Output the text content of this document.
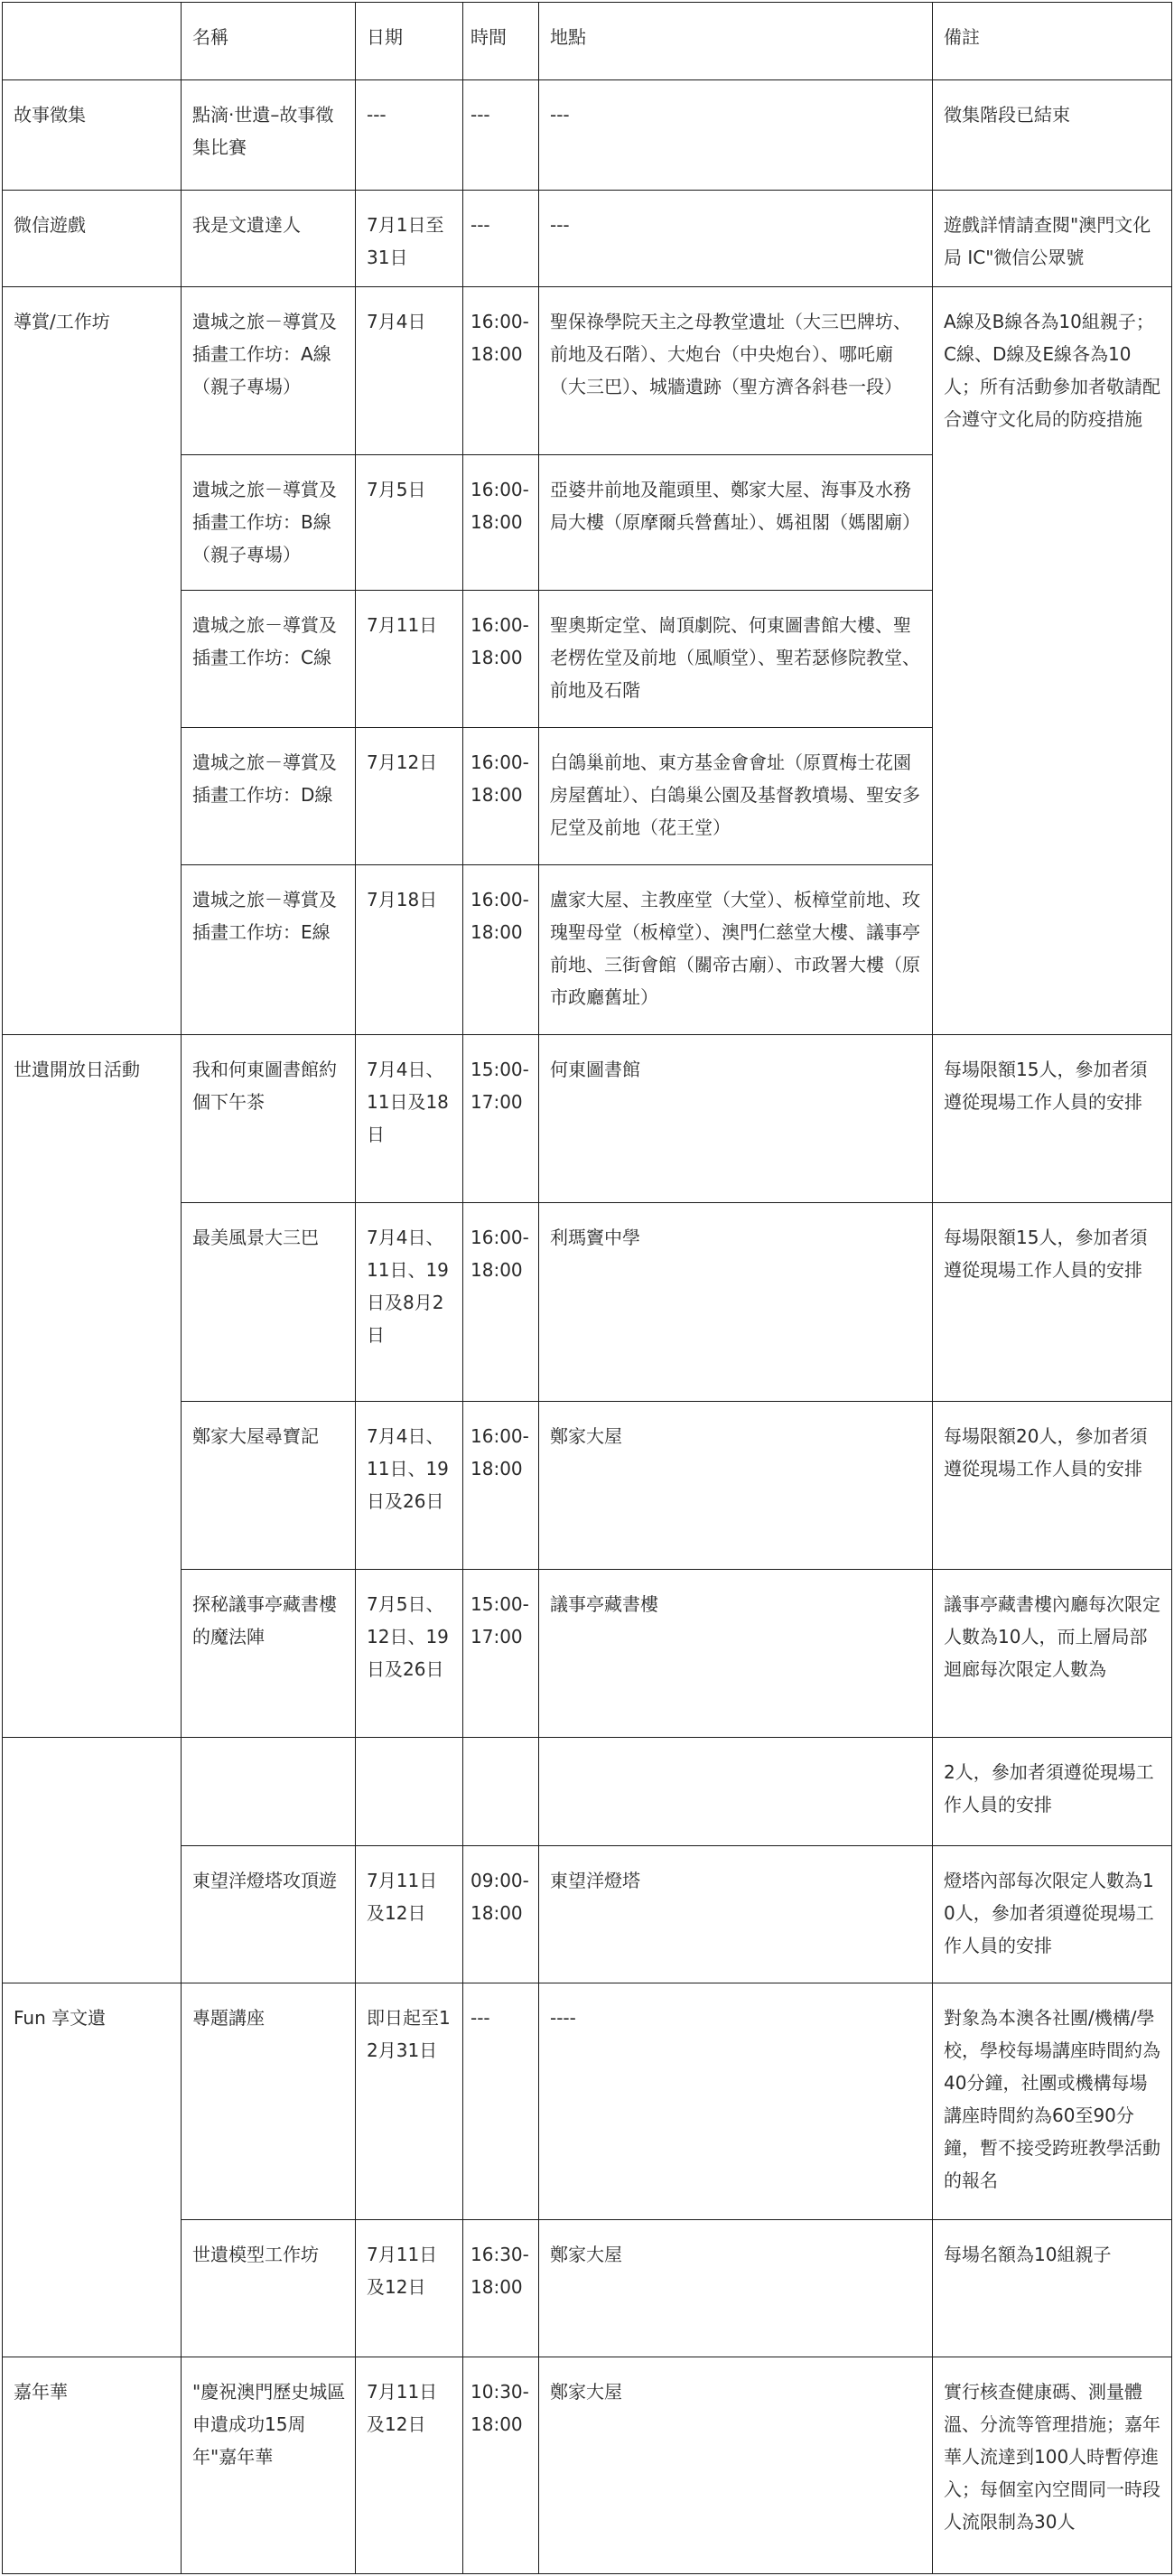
	名稱	日期	時間	地點	備註
故事徵集	點滴·世遺–故事徵集比賽	---	---	---	徵集階段已結束
微信遊戲	我是文遺達人	7月1日至31日	---	---	遊戲詳情請查閱"澳門文化局 IC"微信公眾號
導賞/工作坊	遺城之旅－導賞及插畫工作坊：A線（親子專場）	7月4日	16:00-18:00	聖保祿學院天主之母教堂遺址（大三巴牌坊、前地及石階）、大炮台（中央炮台）、哪吒廟（大三巴）、城牆遺跡（聖方濟各斜巷一段）	A線及B線各為10組親子；C線、D線及E線各為10人；所有活動參加者敬請配合遵守文化局的防疫措施
	遺城之旅－導賞及插畫工作坊：B線（親子專場）	7月5日	16:00-18:00	亞婆井前地及龍頭里、鄭家大屋、海事及水務局大樓（原摩爾兵營舊址）、媽祖閣（媽閣廟）	
	遺城之旅－導賞及插畫工作坊：C線	7月11日	16:00-18:00	聖奧斯定堂、崗頂劇院、何東圖書館大樓、聖老楞佐堂及前地（風順堂）、聖若瑟修院教堂、前地及石階	
	遺城之旅－導賞及插畫工作坊：D線	7月12日	16:00-18:00	白鴿巢前地、東方基金會會址（原賈梅士花園房屋舊址）、白鴿巢公園及基督教墳場、聖安多尼堂及前地（花王堂）	
	遺城之旅－導賞及插畫工作坊：E線	7月18日	16:00-18:00	盧家大屋、主教座堂（大堂）、板樟堂前地、玫瑰聖母堂（板樟堂）、澳門仁慈堂大樓、議事亭前地、三街會館（關帝古廟）、市政署大樓（原市政廳舊址）	
世遺開放日活動	我和何東圖書館約個下午茶	7月4日、11日及18日	15:00-17:00	何東圖書館	每場限額15人，參加者須遵從現場工作人員的安排
	最美風景大三巴	7月4日、11日、19日及8月2日	16:00-18:00	利瑪竇中學	每場限額15人，參加者須遵從現場工作人員的安排
	鄭家大屋尋寶記	7月4日、11日、19日及26日	16:00-18:00	鄭家大屋	每場限額20人，參加者須遵從現場工作人員的安排
	探秘議事亭藏書樓的魔法陣	7月5日、12日、19日及26日	15:00-17:00	議事亭藏書樓	議事亭藏書樓內廳每次限定人數為10人，而上層局部迴廊每次限定人數為
					2人，參加者須遵從現場工作人員的安排
	東望洋燈塔攻頂遊	7月11日及12日	09:00-18:00	東望洋燈塔	燈塔內部每次限定人數為10人，參加者須遵從現場工作人員的安排
Fun 享文遺	專題講座	即日起至12月31日	---	----	對象為本澳各社團/機構/學校，學校每場講座時間約為40分鐘，社團或機構每場講座時間約為60至90分鐘，暫不接受跨班教學活動的報名
	世遺模型工作坊	7月11日及12日	16:30-18:00	鄭家大屋	每場名額為10組親子
嘉年華	"慶祝澳門歷史城區申遺成功15周年"嘉年華	7月11日及12日	10:30-18:00	鄭家大屋	實行核查健康碼、測量體溫、分流等管理措施；嘉年華人流達到100人時暫停進入；每個室內空間同一時段人流限制為30人
